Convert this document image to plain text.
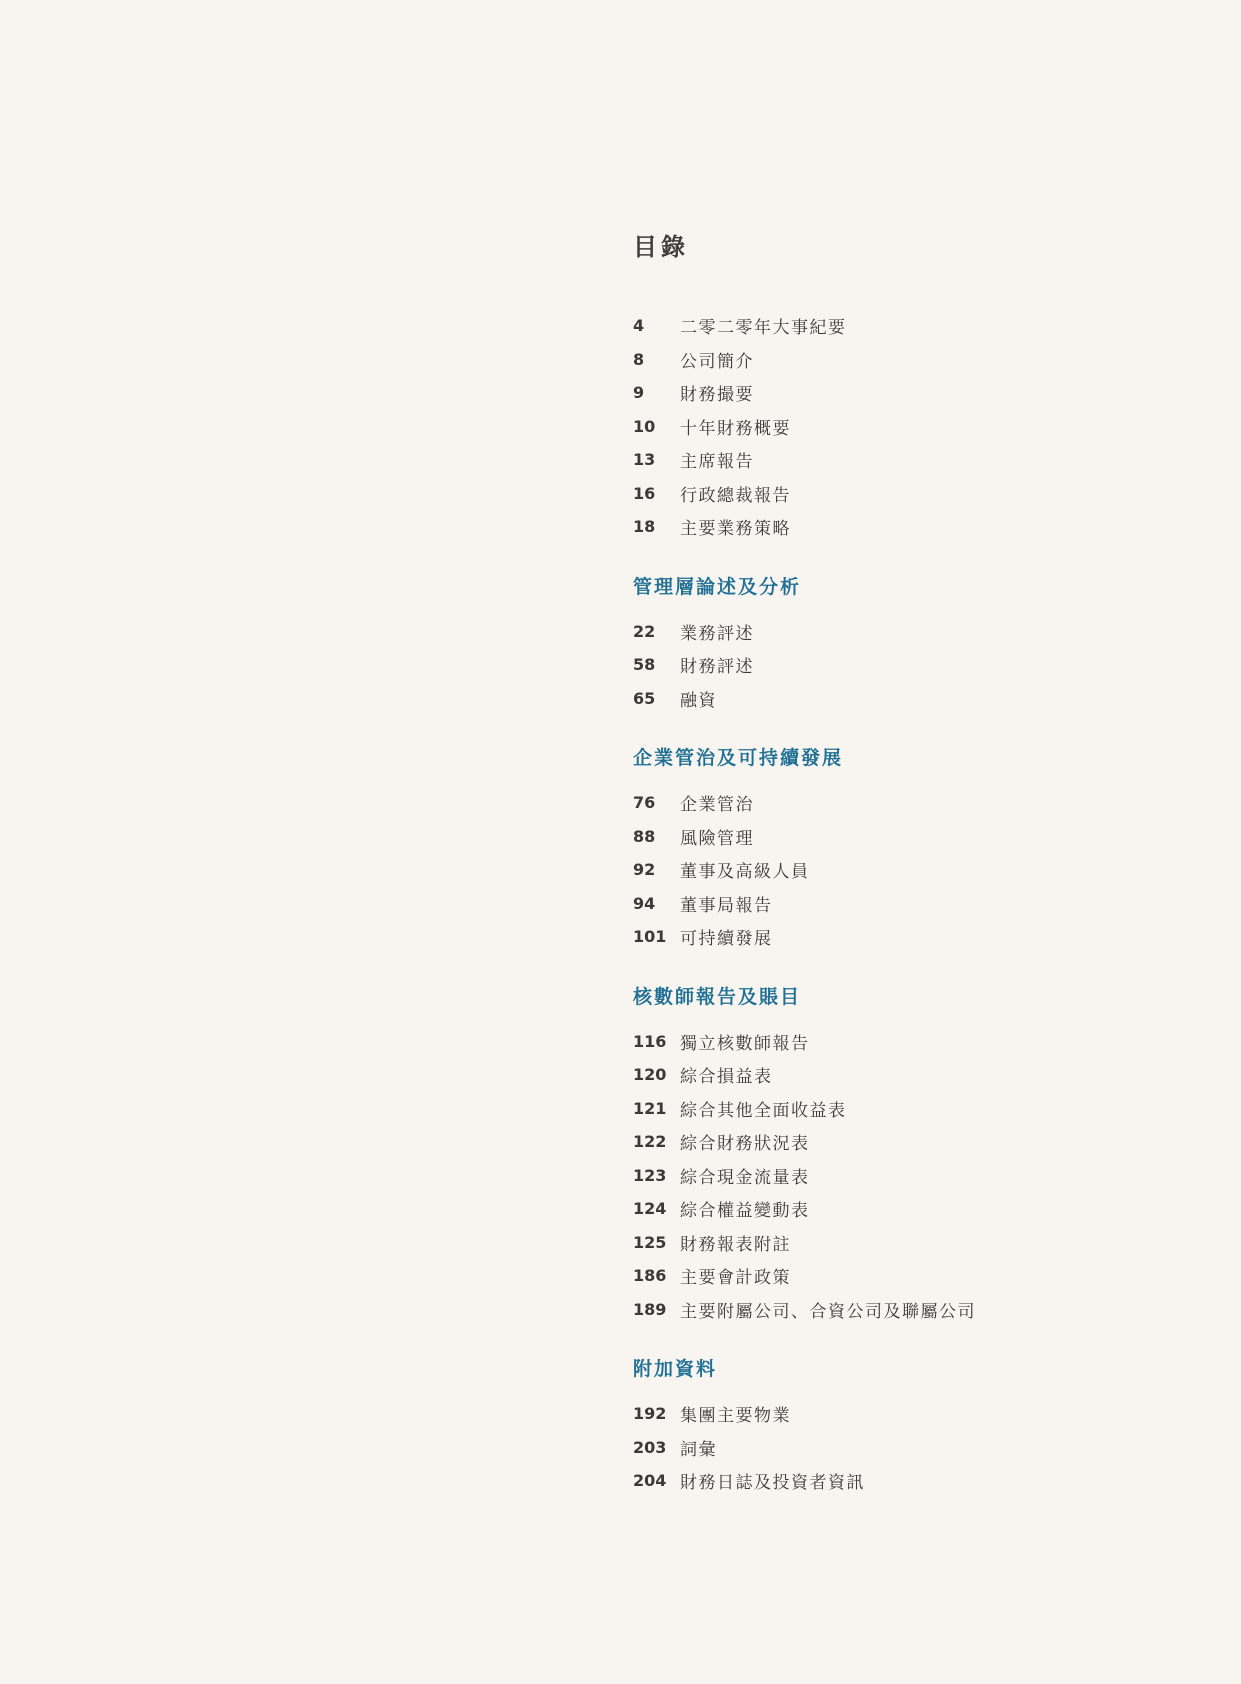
目錄
4	二零二零年大事紀要
8	公司簡介
9	財務撮要
10	十年財務概要
13	主席報告
16	行政總裁報告
18	主要業務策略
管理層論述及分析
22	業務評述
58	財務評述
65	融資
企業管治及可持續發展
76	企業管治
88	風險管理
92	董事及高級人員
94	董事局報告
101 可持續發展
核數師報告及賬目
116 獨立核數師報告
120 綜合損益表
121 綜合其他全面收益表
122 綜合財務狀況表
123 綜合現金流量表
124 綜合權益變動表
125 財務報表附註
186 主要會計政策
189 主要附屬公司、合資公司及聯屬公司
附加資料
192 集團主要物業
203 詞彙
204 財務日誌及投資者資訊
